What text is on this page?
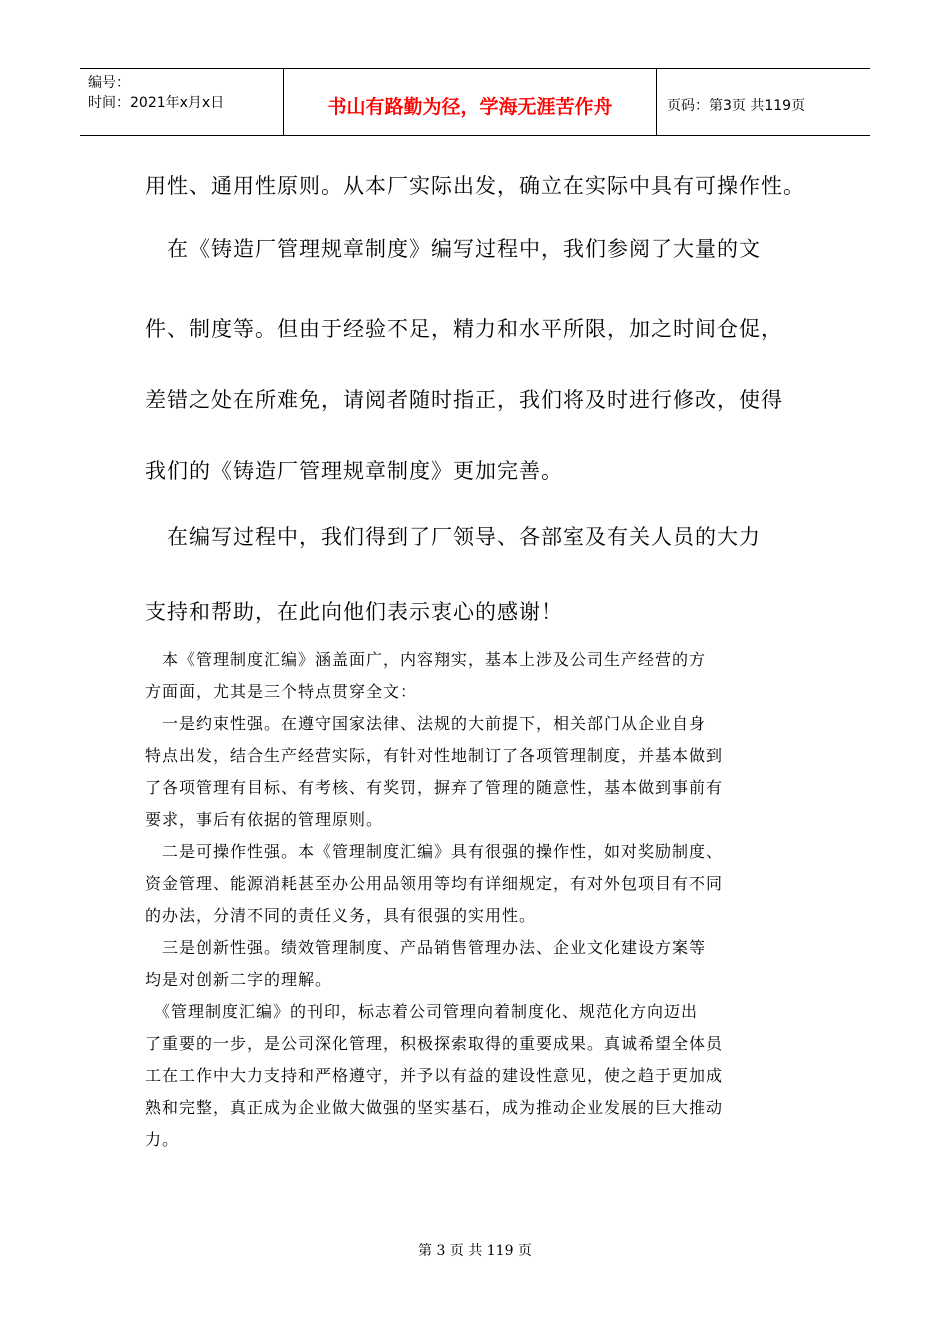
编号：
时间：2021年x月x日	书山有路勤为径，学海无涯苦作舟	页码：第3页 共119页
用性、通用性原则。从本厂实际出发，确立在实际中具有可操作性。
　在《铸造厂管理规章制度》编写过程中，我们参阅了大量的文
件、制度等。但由于经验不足，精力和水平所限，加之时间仓促，
差错之处在所难免，请阅者随时指正，我们将及时进行修改，使得
我们的《铸造厂管理规章制度》更加完善。
　在编写过程中，我们得到了厂领导、各部室及有关人员的大力
支持和帮助，在此向他们表示衷心的感谢！

　本《管理制度汇编》涵盖面广，内容翔实，基本上涉及公司生产经营的方

方面面，尤其是三个特点贯穿全文：

　一是约束性强。在遵守国家法律、法规的大前提下，相关部门从企业自身

特点出发，结合生产经营实际，有针对性地制订了各项管理制度，并基本做到

了各项管理有目标、有考核、有奖罚，摒弃了管理的随意性，基本做到事前有

要求，事后有依据的管理原则。

　二是可操作性强。本《管理制度汇编》具有很强的操作性，如对奖励制度、

资金管理、能源消耗甚至办公用品领用等均有详细规定，有对外包项目有不同

的办法，分清不同的责任义务，具有很强的实用性。

　三是创新性强。绩效管理制度、产品销售管理办法、企业文化建设方案等

均是对创新二字的理解。

　《管理制度汇编》的刊印，标志着公司管理向着制度化、规范化方向迈出

了重要的一步，是公司深化管理，积极探索取得的重要成果。真诚希望全体员

工在工作中大力支持和严格遵守，并予以有益的建设性意见，使之趋于更加成

熟和完整，真正成为企业做大做强的坚实基石，成为推动企业发展的巨大推动

力。

第 3 页 共 119 页
